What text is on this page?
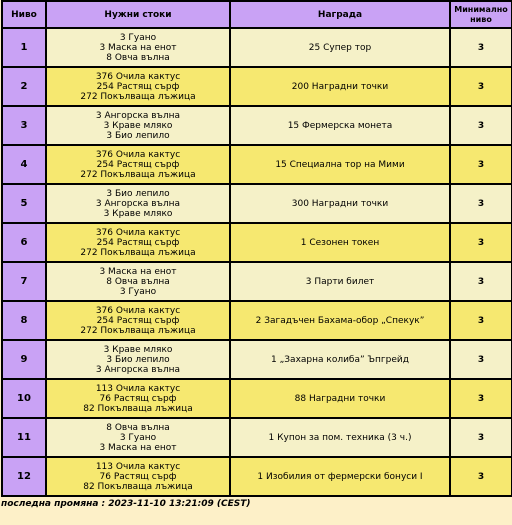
Ниво	Нужни стоки	Награда	Минимално
ниво

1	3 Гуано
3 Маска на енот
8 Овча вълна	25 Супер тор	3
2	376 Очила кактус
254 Растящ сърф
272 Покълваща лъжица	200 Наградни точки	3
3	3 Ангорска вълна
3 Краве мляко
3 Био лепило	15 Фермерска монета	3
4	376 Очила кактус
254 Растящ сърф
272 Покълваща лъжица	15 Специална тор на Мими	3
5	3 Био лепило
3 Ангорска вълна
3 Краве мляко	300 Наградни точки	3
6	376 Очила кактус
254 Растящ сърф
272 Покълваща лъжица	1 Сезонен токен	3
7	3 Маска на енот
8 Овча вълна
3 Гуано	3 Парти билет	3
8	376 Очила кактус
254 Растящ сърф
272 Покълваща лъжица	2 Загадъчен Бахама-обор „Спекук”	3
9	3 Краве мляко
3 Био лепило
3 Ангорска вълна	1 „Захарна колиба” Ъпгрейд	3
10	113 Очила кактус
76 Растящ сърф
82 Покълваща лъжица	88 Наградни точки	3
11	8 Овча вълна
3 Гуано
3 Маска на енот	1 Купон за пом. техника (3 ч.)	3
12	113 Очила кактус
76 Растящ сърф
82 Покълваща лъжица	1 Изобилия от фермерски бонуси I	3
последна промяна : 2023-11-10 13:21:09 (CEST)
